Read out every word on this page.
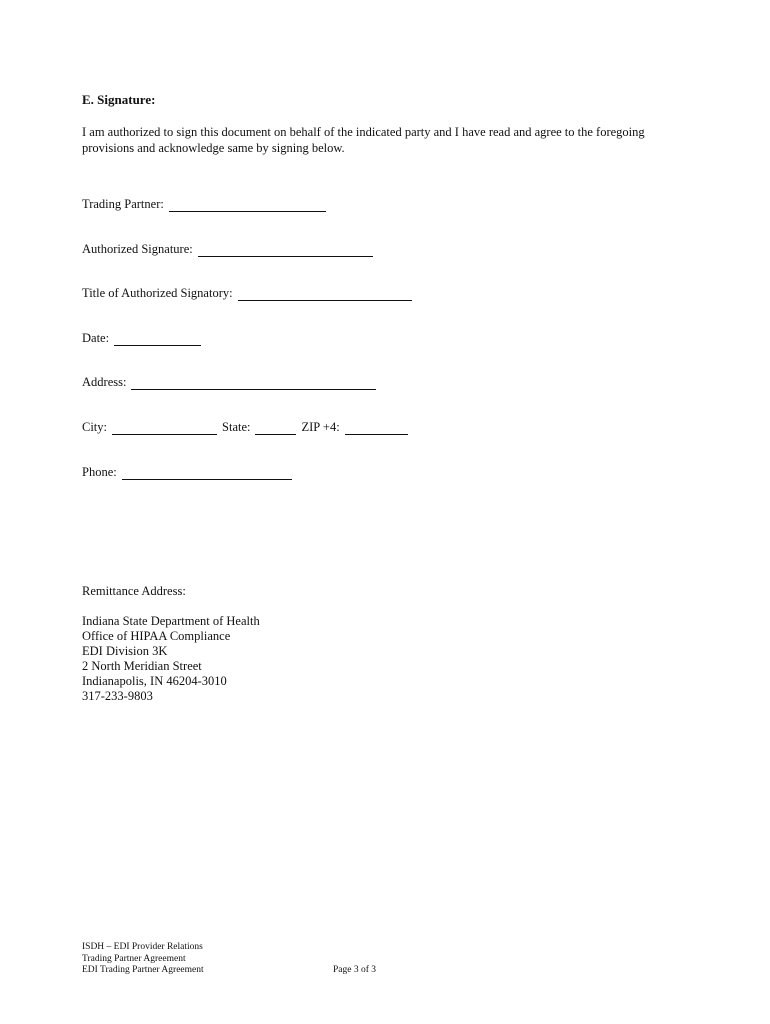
E. Signature:
I am authorized to sign this document on behalf of the indicated party and I have read and agree to the foregoing provisions and acknowledge same by signing below.
Trading Partner:
Authorized Signature:
Title of Authorized Signatory:
Date:
Address:
City:	State:	ZIP +4:
Phone:
Remittance Address:
Indiana State Department of Health
Office of HIPAA Compliance
EDI Division 3K
2 North Meridian Street
Indianapolis, IN 46204-3010
317-233-9803
ISDH – EDI Provider Relations
Trading Partner Agreement
EDI Trading Partner Agreement	Page 3 of 3
